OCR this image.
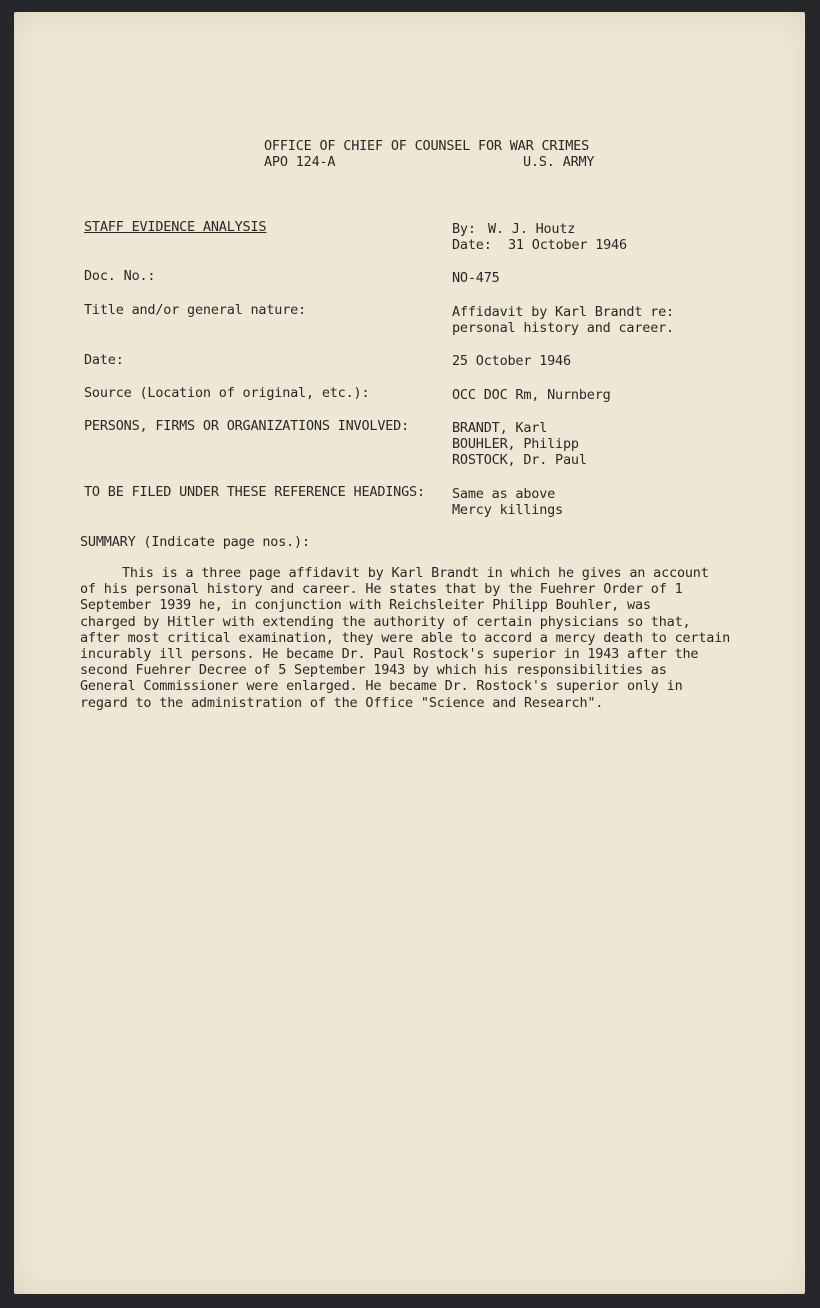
OFFICE OF CHIEF OF COUNSEL FOR WAR CRIMES
APO 124-A	U.S. ARMY
STAFF EVIDENCE ANALYSIS	By: W. J. Houtz
Date: 31 October 1946
Doc. No.:	NO-475
Title and/or general nature:	Affidavit by Karl Brandt re:
personal history and career.
Date:	25 October 1946
Source (Location of original, etc.):	OCC DOC Rm, Nurnberg
PERSONS, FIRMS OR ORGANIZATIONS INVOLVED:	BRANDT, Karl
BOUHLER, Philipp
ROSTOCK, Dr. Paul
TO BE FILED UNDER THESE REFERENCE HEADINGS: Same as above
Mercy killings
SUMMARY (Indicate page nos.):
This is a three page affidavit by Karl Brandt in which he gives an account
of his personal history and career. He states that by the Fuehrer Order of 1
September 1939 he, in conjunction with Reichsleiter Philipp Bouhler, was
charged by Hitler with extending the authority of certain physicians so that,
after most critical examination, they were able to accord a mercy death to certain
incurably ill persons. He became Dr. Paul Rostock's superior in 1943 after the
second Fuehrer Decree of 5 September 1943 by which his responsibilities as
General Commissioner were enlarged. He became Dr. Rostock's superior only in
regard to the administration of the Office "Science and Research".
